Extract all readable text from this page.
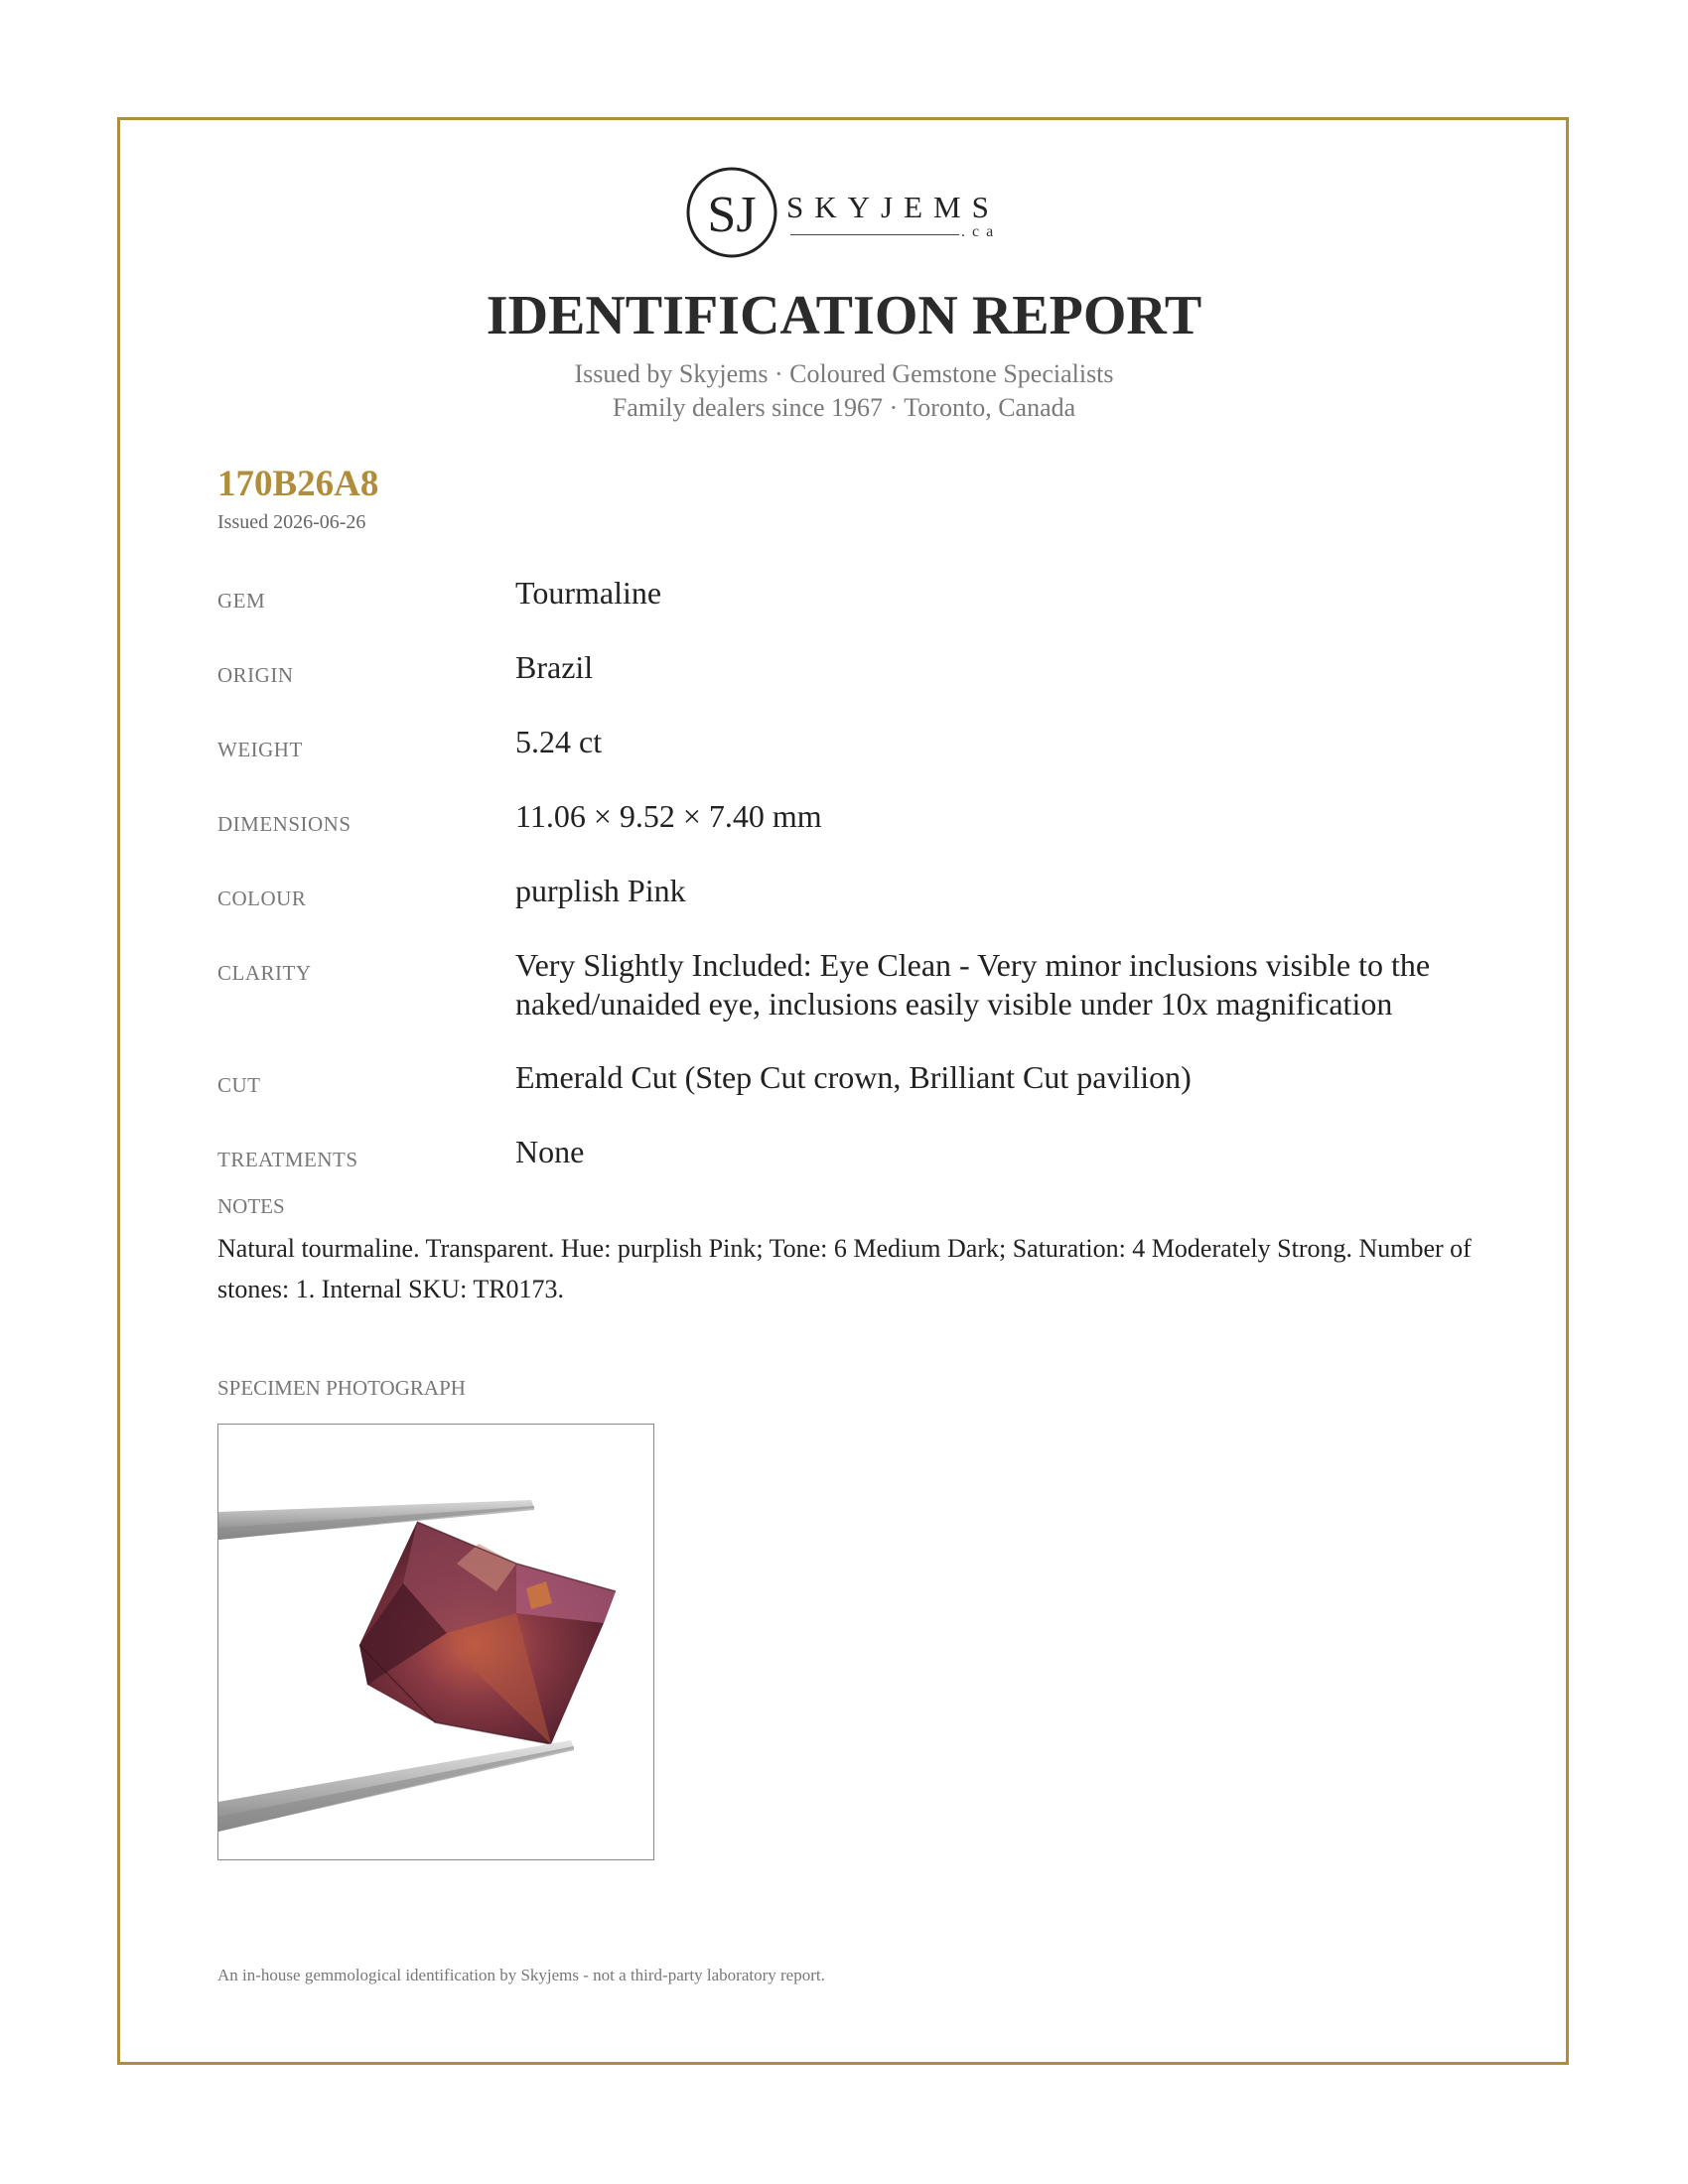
SJ SKYJEMS
.ca
IDENTIFICATION REPORT
Issued by Skyjems · Coloured Gemstone Specialists
Family dealers since 1967 · Toronto, Canada
170B26A8
Issued 2026-06-26
GEM	Tourmaline
ORIGIN	Brazil
WEIGHT	5.24 ct
DIMENSIONS	11.06 × 9.52 × 7.40 mm
COLOUR	purplish Pink
CLARITY	Very Slightly Included: Eye Clean - Very minor inclusions visible to the naked/unaided eye, inclusions easily visible under 10x magnification
CUT	Emerald Cut (Step Cut crown, Brilliant Cut pavilion)
TREATMENTS	None
NOTES
Natural tourmaline. Transparent. Hue: purplish Pink; Tone: 6 Medium Dark; Saturation: 4 Moderately Strong. Number of stones: 1. Internal SKU: TR0173.
SPECIMEN PHOTOGRAPH
An in-house gemmological identification by Skyjems - not a third-party laboratory report.
